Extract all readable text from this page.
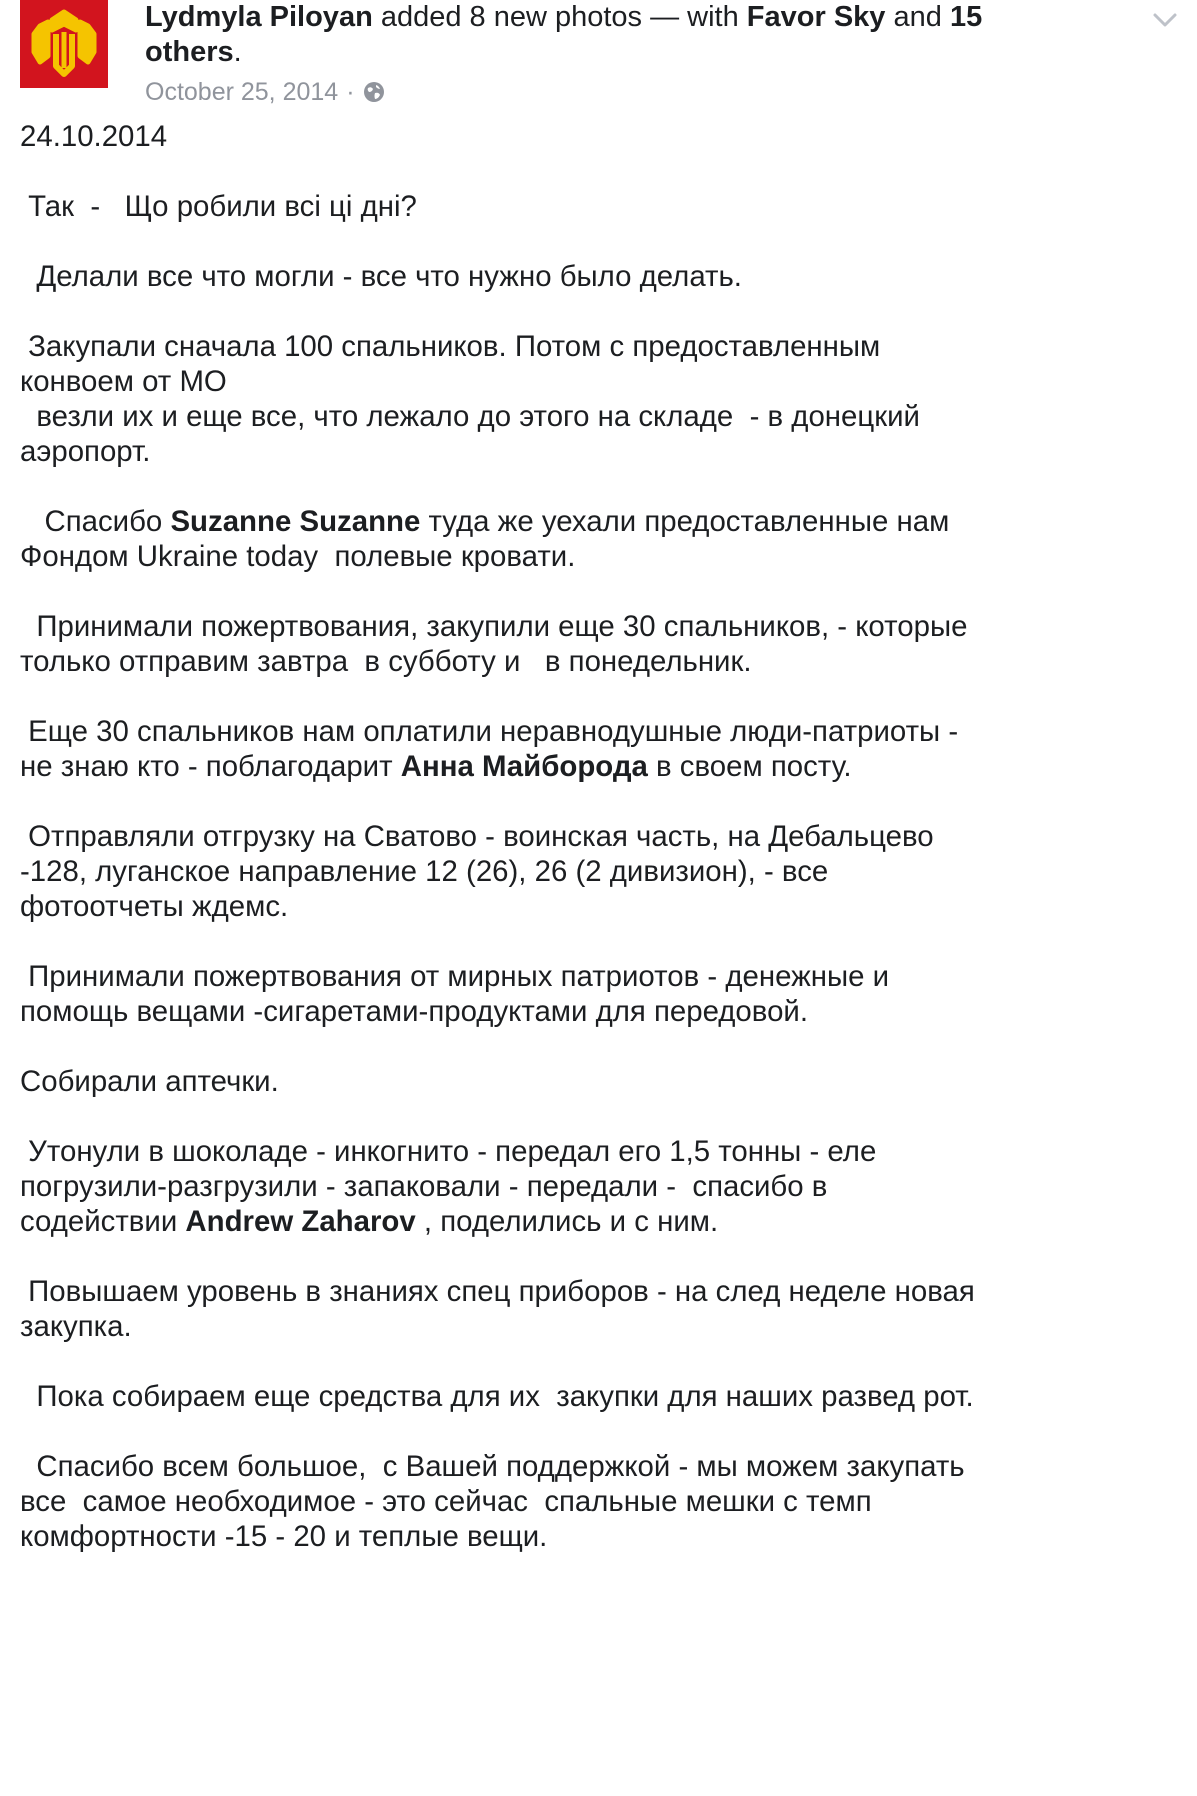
Lydmyla Piloyan added 8 new photos — with Favor Sky and 15 others.
October 25, 2014 ·

24.10.2014

Так  -   Що робили всі ці дні?

Делали все что могли - все что нужно было делать.

Закупали сначала 100 спальников. Потом с предоставленным
конвоем от МО
везли их и еще все, что лежало до этого на складе  - в донецкий
аэропорт.

Спасибо Suzanne Suzanne туда же уехали предоставленные нам
Фондом Ukraine today  полевые кровати.

Принимали пожертвования, закупили еще 30 спальников, - которые
только отправим завтра  в субботу и   в понедельник.

Еще 30 спальников нам оплатили неравнодушные люди-патриоты -
не знаю кто - поблагодарит Анна Майборода в своем посту.

Отправляли отгрузку на Сватово - воинская часть, на Дебальцево
-128, луганское направление 12 (26), 26 (2 дивизион), - все
фотоотчеты ждемс.

Принимали пожертвования от мирных патриотов - денежные и
помощь вещами -сигаретами-продуктами для передовой.

Собирали аптечки.

Утонули в шоколаде - инкогнито - передал его 1,5 тонны - еле
погрузили-разгрузили - запаковали - передали -  спасибо в
содействии Andrew Zaharov , поделились и с ним.

Повышаем уровень в знаниях спец приборов - на след неделе новая
закупка.

Пока собираем еще средства для их  закупки для наших развед рот.

Спасибо всем большое,  с Вашей поддержкой - мы можем закупать
все  самое необходимое - это сейчас  спальные мешки с темп
комфортности -15 - 20 и теплые вещи.
